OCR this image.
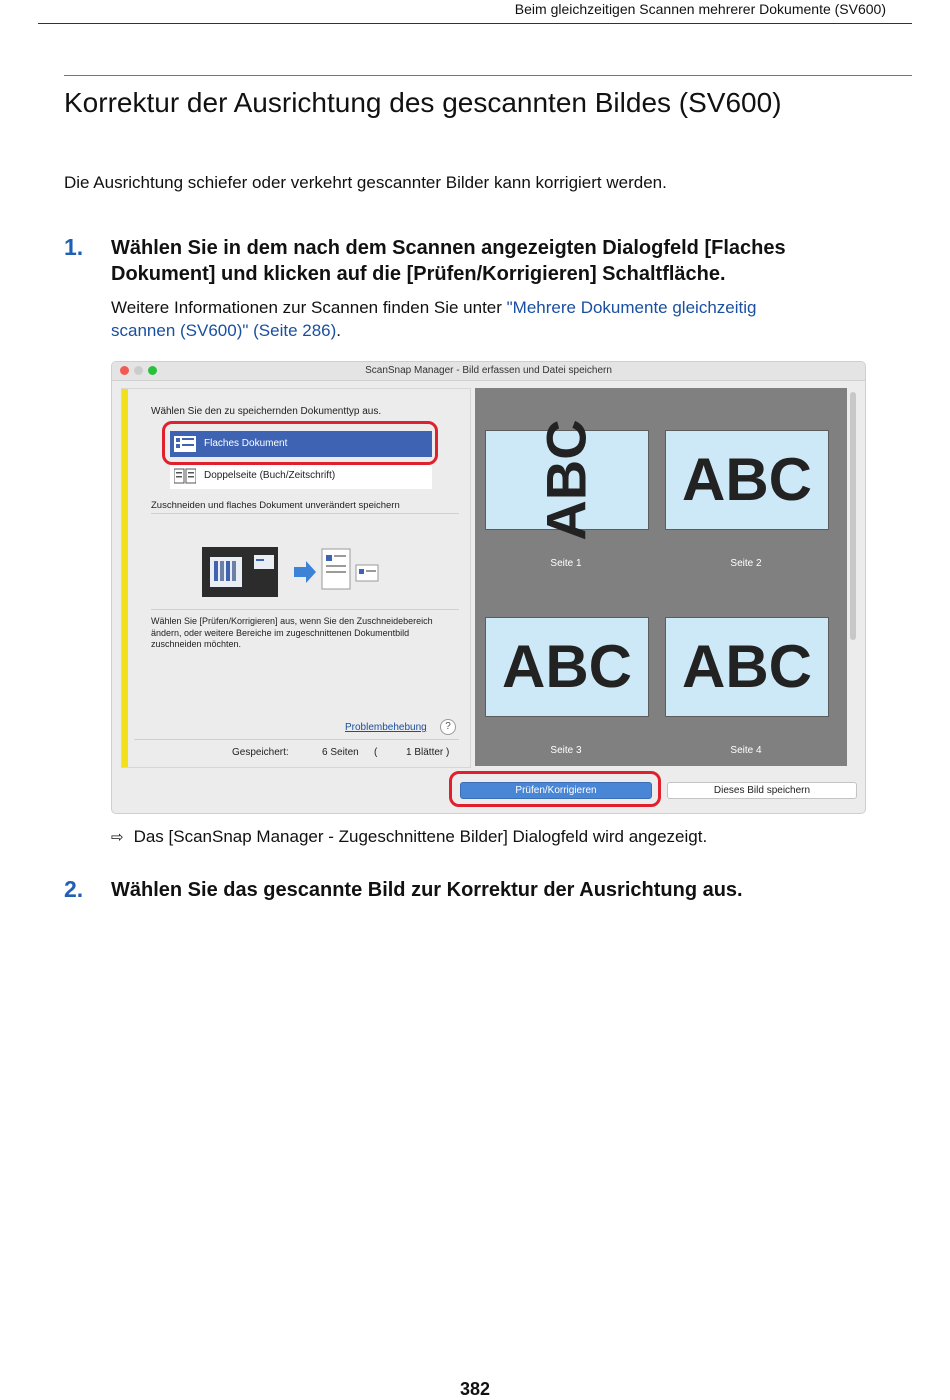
Beim gleichzeitigen Scannen mehrerer Dokumente (SV600)
Korrektur der Ausrichtung des gescannten Bildes (SV600)
Die Ausrichtung schiefer oder verkehrt gescannter Bilder kann korrigiert werden.
1. Wählen Sie in dem nach dem Scannen angezeigten Dialogfeld [Flaches
Dokument] und klicken auf die [Prüfen/Korrigieren] Schaltfläche.
Weitere Informationen zur Scannen finden Sie unter "Mehrere Dokumente gleichzeitig
scannen (SV600)" (Seite 286).
ScanSnap Manager - Bild erfassen und Datei speichern
Wählen Sie den zu speichernden Dokumenttyp aus.
Flaches Dokument
Doppelseite (Buch/Zeitschrift)
Zuschneiden und flaches Dokument unverändert speichern
Wählen Sie [Prüfen/Korrigieren] aus, wenn Sie den Zuschneidebereich
ändern, oder weitere Bereiche im zugeschnittenen Dokumentbild
zuschneiden möchten.
Problembehebung	?
Gespeichert:	6 Seiten (	1 Blätter )
ABC ABC
Seite 1	Seite 2
ABC ABC
Seite 3	Seite 4
Prüfen/Korrigieren	Dieses Bild speichern
⇨ Das [ScanSnap Manager - Zugeschnittene Bilder] Dialogfeld wird angezeigt.
2. Wählen Sie das gescannte Bild zur Korrektur der Ausrichtung aus.
382
